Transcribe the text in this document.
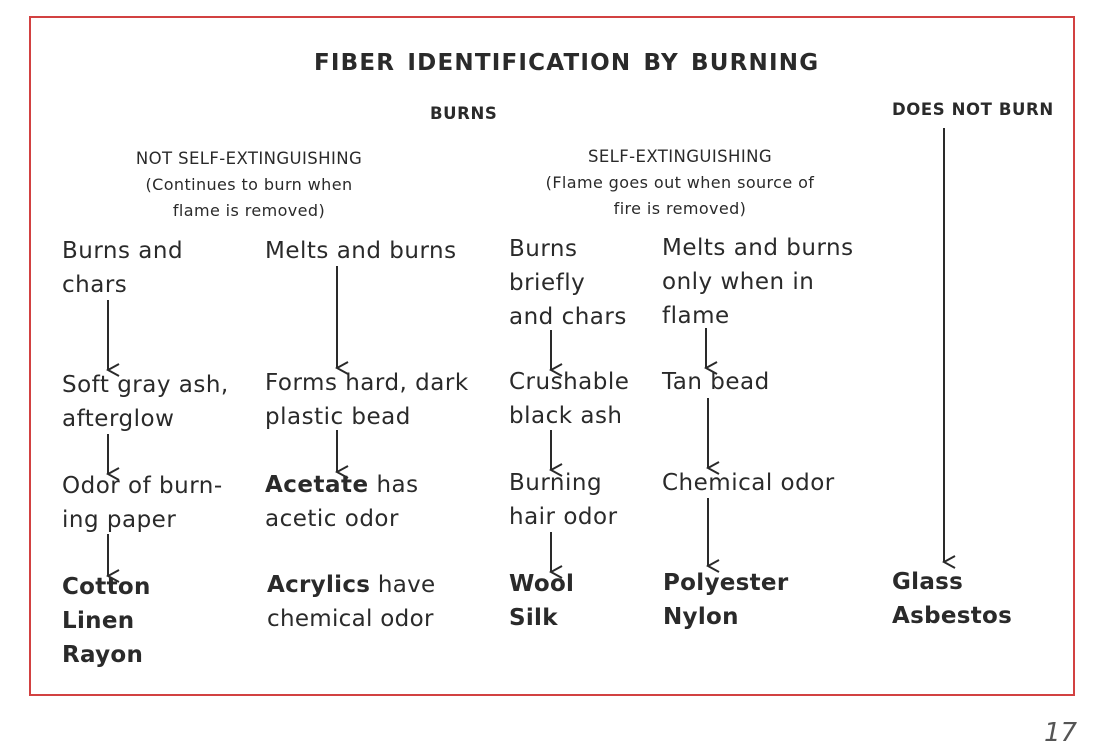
FIBER IDENTIFICATION BY BURNING
BURNS	DOES NOT BURN
NOT SELF-EXTINGUISHING
(Continues to burn when
flame is removed)
SELF-EXTINGUISHING
(Flame goes out when source of
fire is removed)
Burns and
chars
Soft gray ash,
afterglow
Odor of burn-
ing paper
Cotton
Linen
Rayon
Melts and burns
Forms hard, dark
plastic bead
Acetate has
acetic odor
Acrylics have
chemical odor
Burns
briefly
and chars
Crushable
black ash
Burning
hair odor
Wool
Silk
Melts and burns
only when in
flame
Tan bead
Chemical odor
Polyester
Nylon
Glass
Asbestos
17
